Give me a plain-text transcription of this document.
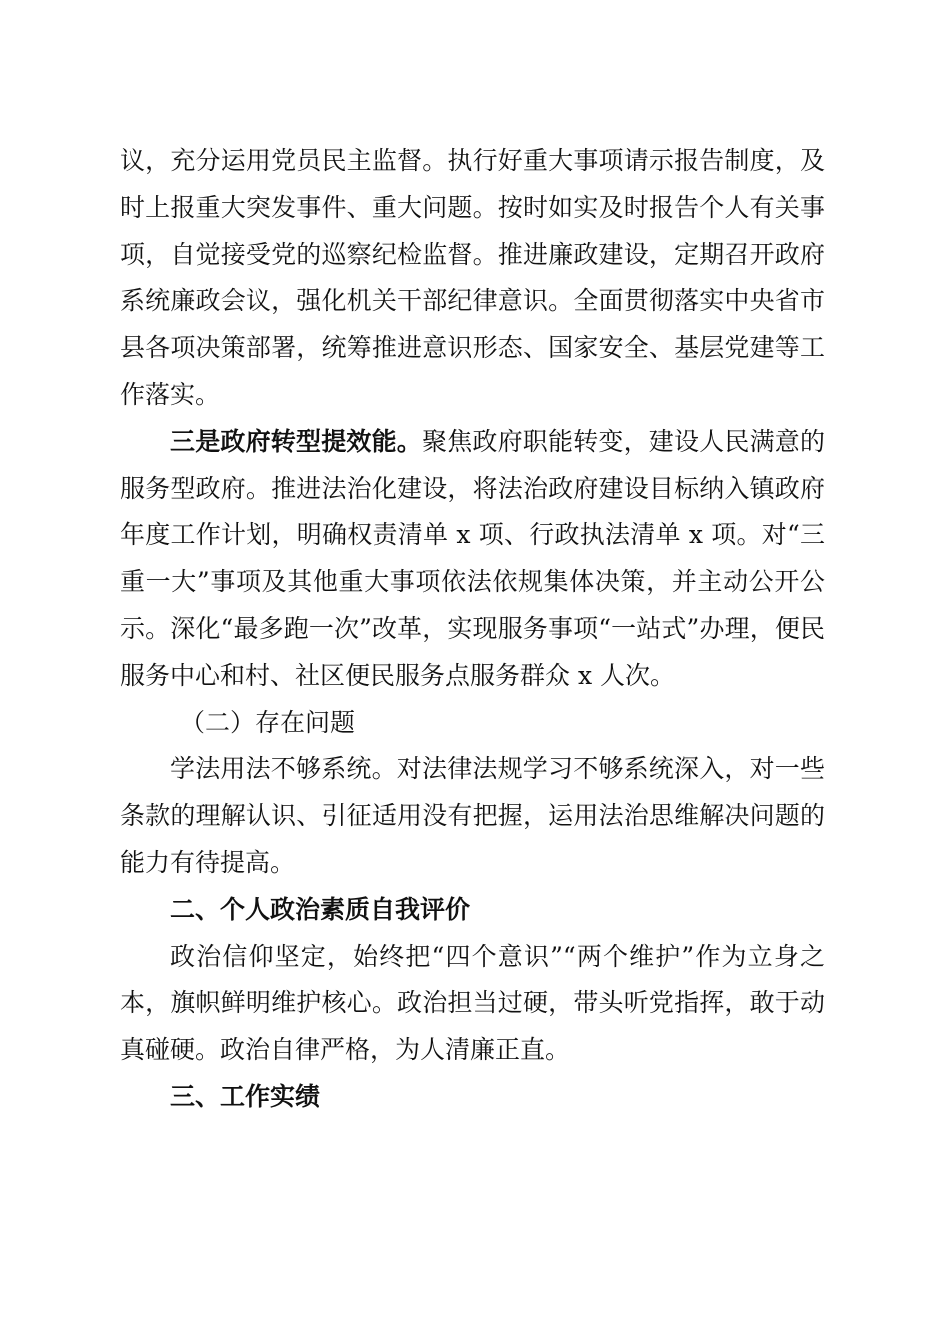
议，充分运用党员民主监督。执行好重大事项请示报告制度，及时上报重大突发事件、重大问题。按时如实及时报告个人有关事项，自觉接受党的巡察纪检监督。推进廉政建设，定期召开政府系统廉政会议，强化机关干部纪律意识。全面贯彻落实中央省市县各项决策部署，统筹推进意识形态、国家安全、基层党建等工作落实。

三是政府转型提效能。聚焦政府职能转变，建设人民满意的服务型政府。推进法治化建设，将法治政府建设目标纳入镇政府年度工作计划，明确权责清单 x 项、行政执法清单 x 项。对“三重一大”事项及其他重大事项依法依规集体决策，并主动公开公示。深化“最多跑一次”改革，实现服务事项“一站式”办理，便民服务中心和村、社区便民服务点服务群众 x 人次。

（二）存在问题

学法用法不够系统。对法律法规学习不够系统深入，对一些条款的理解认识、引征适用没有把握，运用法治思维解决问题的能力有待提高。

二、个人政治素质自我评价

政治信仰坚定，始终把“四个意识”“两个维护”作为立身之本，旗帜鲜明维护核心。政治担当过硬，带头听党指挥，敢于动真碰硬。政治自律严格，为人清廉正直。

三、工作实绩
